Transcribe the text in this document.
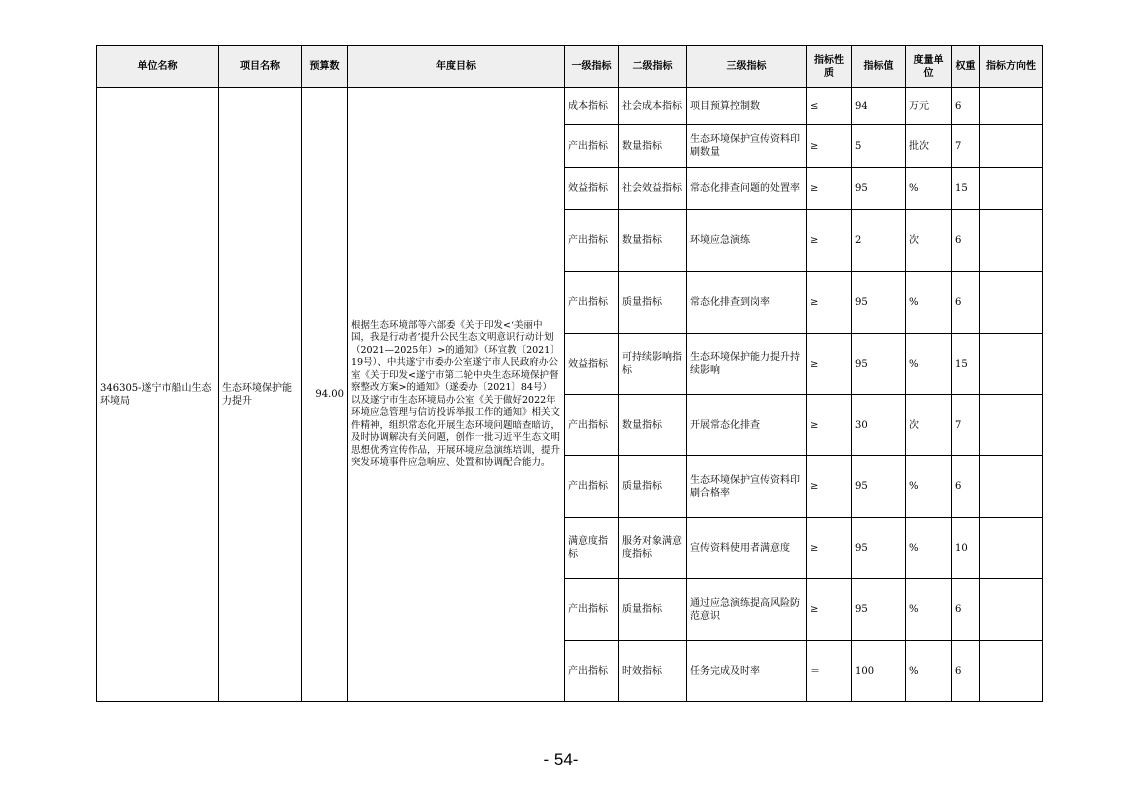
单位名称	项目名称	预算数	年度目标	一级指标	二级指标	三级指标	指标性质	指标值	度量单位	权重	指标方向性
346305-遂宁市船山生态环境局	生态环境保护能力提升	94.00	根据生态环境部等六部委《关于印发<‘美丽中国，我是行动者’提升公民生态文明意识行动计划（2021—2025年）>的通知》（环宣教〔2021〕19号）、中共遂宁市委办公室遂宁市人民政府办公室《关于印发<遂宁市第二轮中央生态环境保护督察整改方案>的通知》（遂委办〔2021〕84号）以及遂宁市生态环境局办公室《关于做好2022年环境应急管理与信访投诉举报工作的通知》相关文件精神，组织常态化开展生态环境问题暗查暗访，及时协调解决有关问题，创作一批习近平生态文明思想优秀宣传作品，开展环境应急演练培训，提升突发环境事件应急响应、处置和协调配合能力。	成本指标	社会成本指标	项目预算控制数	≤	94	万元	6	
				产出指标	数量指标	生态环境保护宣传资料印刷数量	≥	5	批次	7	
				效益指标	社会效益指标	常态化排查问题的处置率	≥	95	%	15	
				产出指标	数量指标	环境应急演练	≥	2	次	6	
				产出指标	质量指标	常态化排查到岗率	≥	95	%	6	
				效益指标	可持续影响指标	生态环境保护能力提升持续影响	≥	95	%	15	
				产出指标	数量指标	开展常态化排查	≥	30	次	7	
				产出指标	质量指标	生态环境保护宣传资料印刷合格率	≥	95	%	6	
				满意度指标	服务对象满意度指标	宣传资料使用者满意度	≥	95	%	10	
				产出指标	质量指标	通过应急演练提高风险防范意识	≥	95	%	6	
				产出指标	时效指标	任务完成及时率	＝	100	%	6	
- 54-
